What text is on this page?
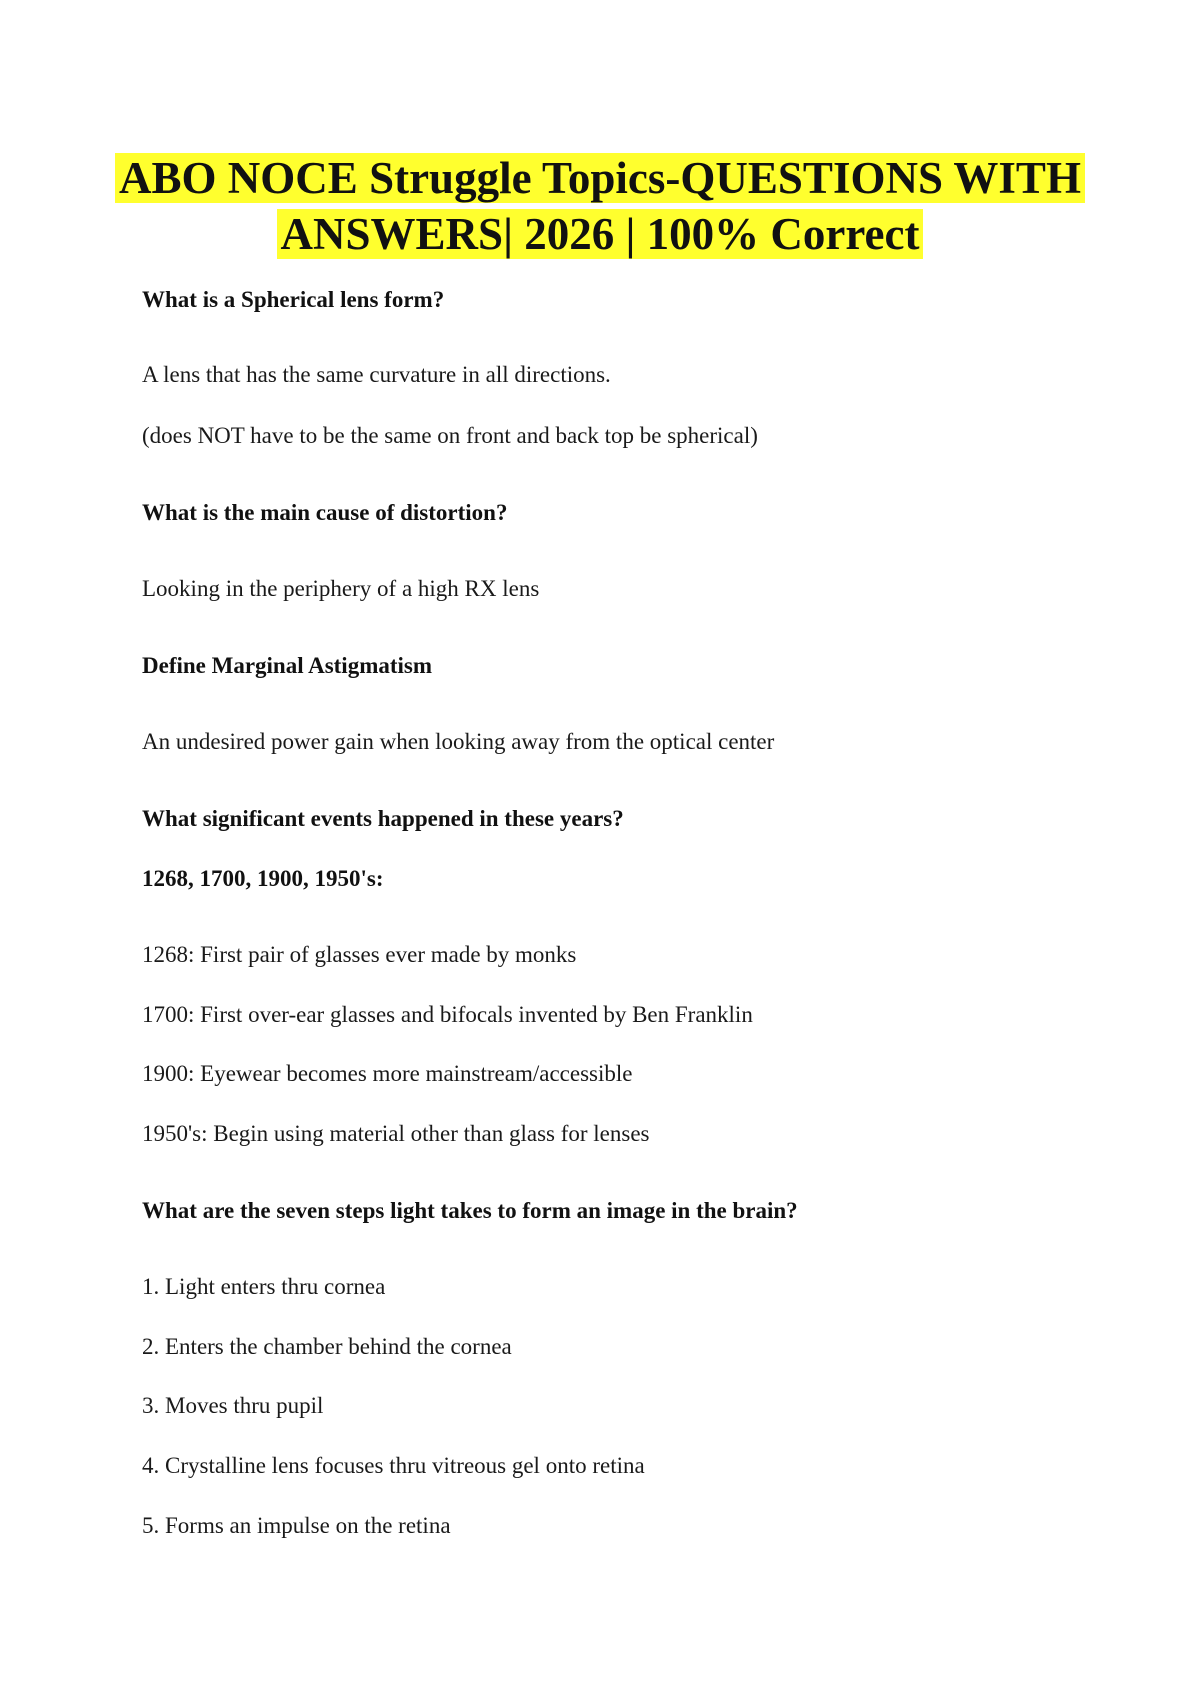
ABO NOCE Struggle Topics-QUESTIONS WITH
ANSWERS| 2026 | 100% Correct

What is a Spherical lens form?

A lens that has the same curvature in all directions.

(does NOT have to be the same on front and back top be spherical)

What is the main cause of distortion?

Looking in the periphery of a high RX lens

Define Marginal Astigmatism

An undesired power gain when looking away from the optical center

What significant events happened in these years?

1268, 1700, 1900, 1950's:

1268: First pair of glasses ever made by monks

1700: First over-ear glasses and bifocals invented by Ben Franklin

1900: Eyewear becomes more mainstream/accessible

1950's: Begin using material other than glass for lenses

What are the seven steps light takes to form an image in the brain?

1. Light enters thru cornea

2. Enters the chamber behind the cornea

3. Moves thru pupil

4. Crystalline lens focuses thru vitreous gel onto retina

5. Forms an impulse on the retina
